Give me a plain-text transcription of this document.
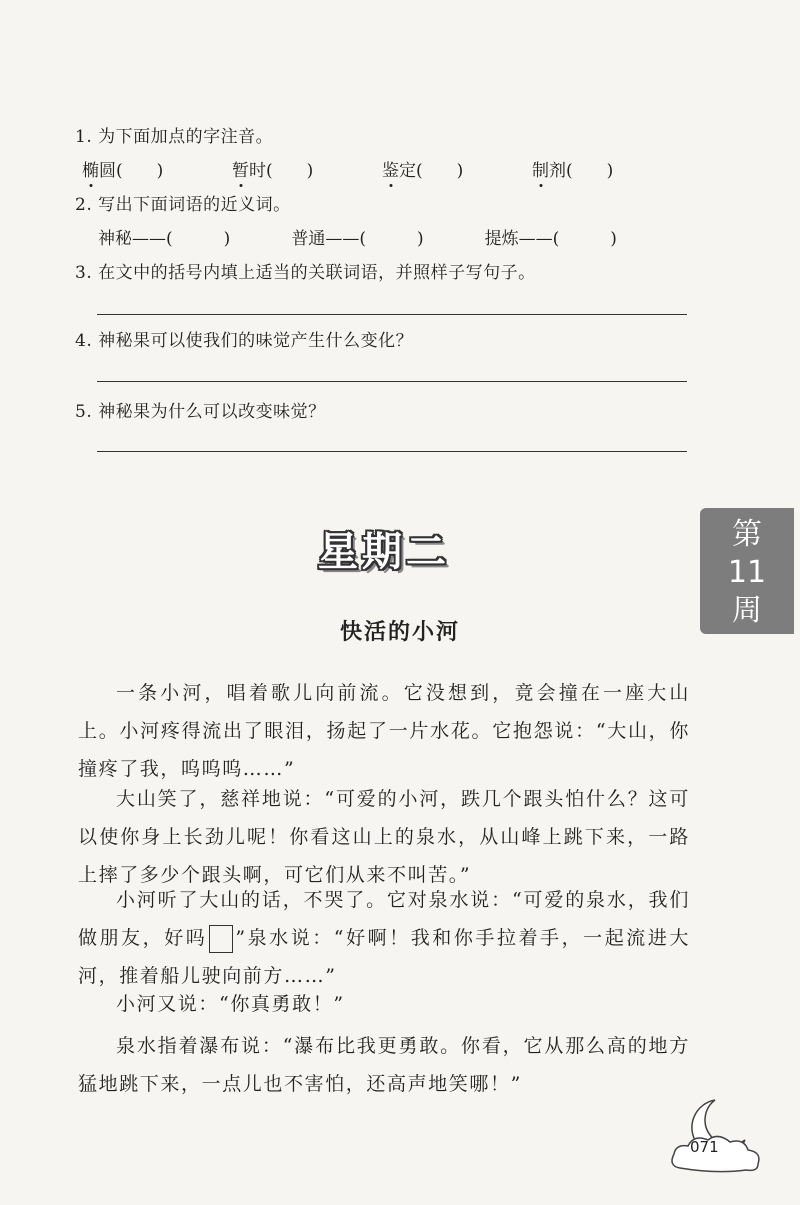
1. 为下面加点的字注音。
椭圆(　　)	暂时(　　)	鉴定(　　)	制剂(　　)
2. 写出下面词语的近义词。
神秘——(　　　)	普通——(　　　)	提炼——(　　　)
3. 在文中的括号内填上适当的关联词语，并照样子写句子。
4. 神秘果可以使我们的味觉产生什么变化？
5. 神秘果为什么可以改变味觉？
星期二	第
11
周
快活的小河

一条小河，唱着歌儿向前流。它没想到，竟会撞在一座大山上。小河疼得流出了眼泪，扬起了一片水花。它抱怨说：“大山，你撞疼了我，呜呜呜……”

大山笑了，慈祥地说：“可爱的小河，跌几个跟头怕什么？这可以使你身上长劲儿呢！你看这山上的泉水，从山峰上跳下来，一路上摔了多少个跟头啊，可它们从来不叫苦。”

小河听了大山的话，不哭了。它对泉水说：“可爱的泉水，我们做朋友，好吗 ”泉水说：“好啊！我和你手拉着手，一起流进大河，推着船儿驶向前方……”

小河又说：“你真勇敢！”

泉水指着瀑布说：“瀑布比我更勇敢。你看，它从那么高的地方猛地跳下来，一点儿也不害怕，还高声地笑哪！”

071
